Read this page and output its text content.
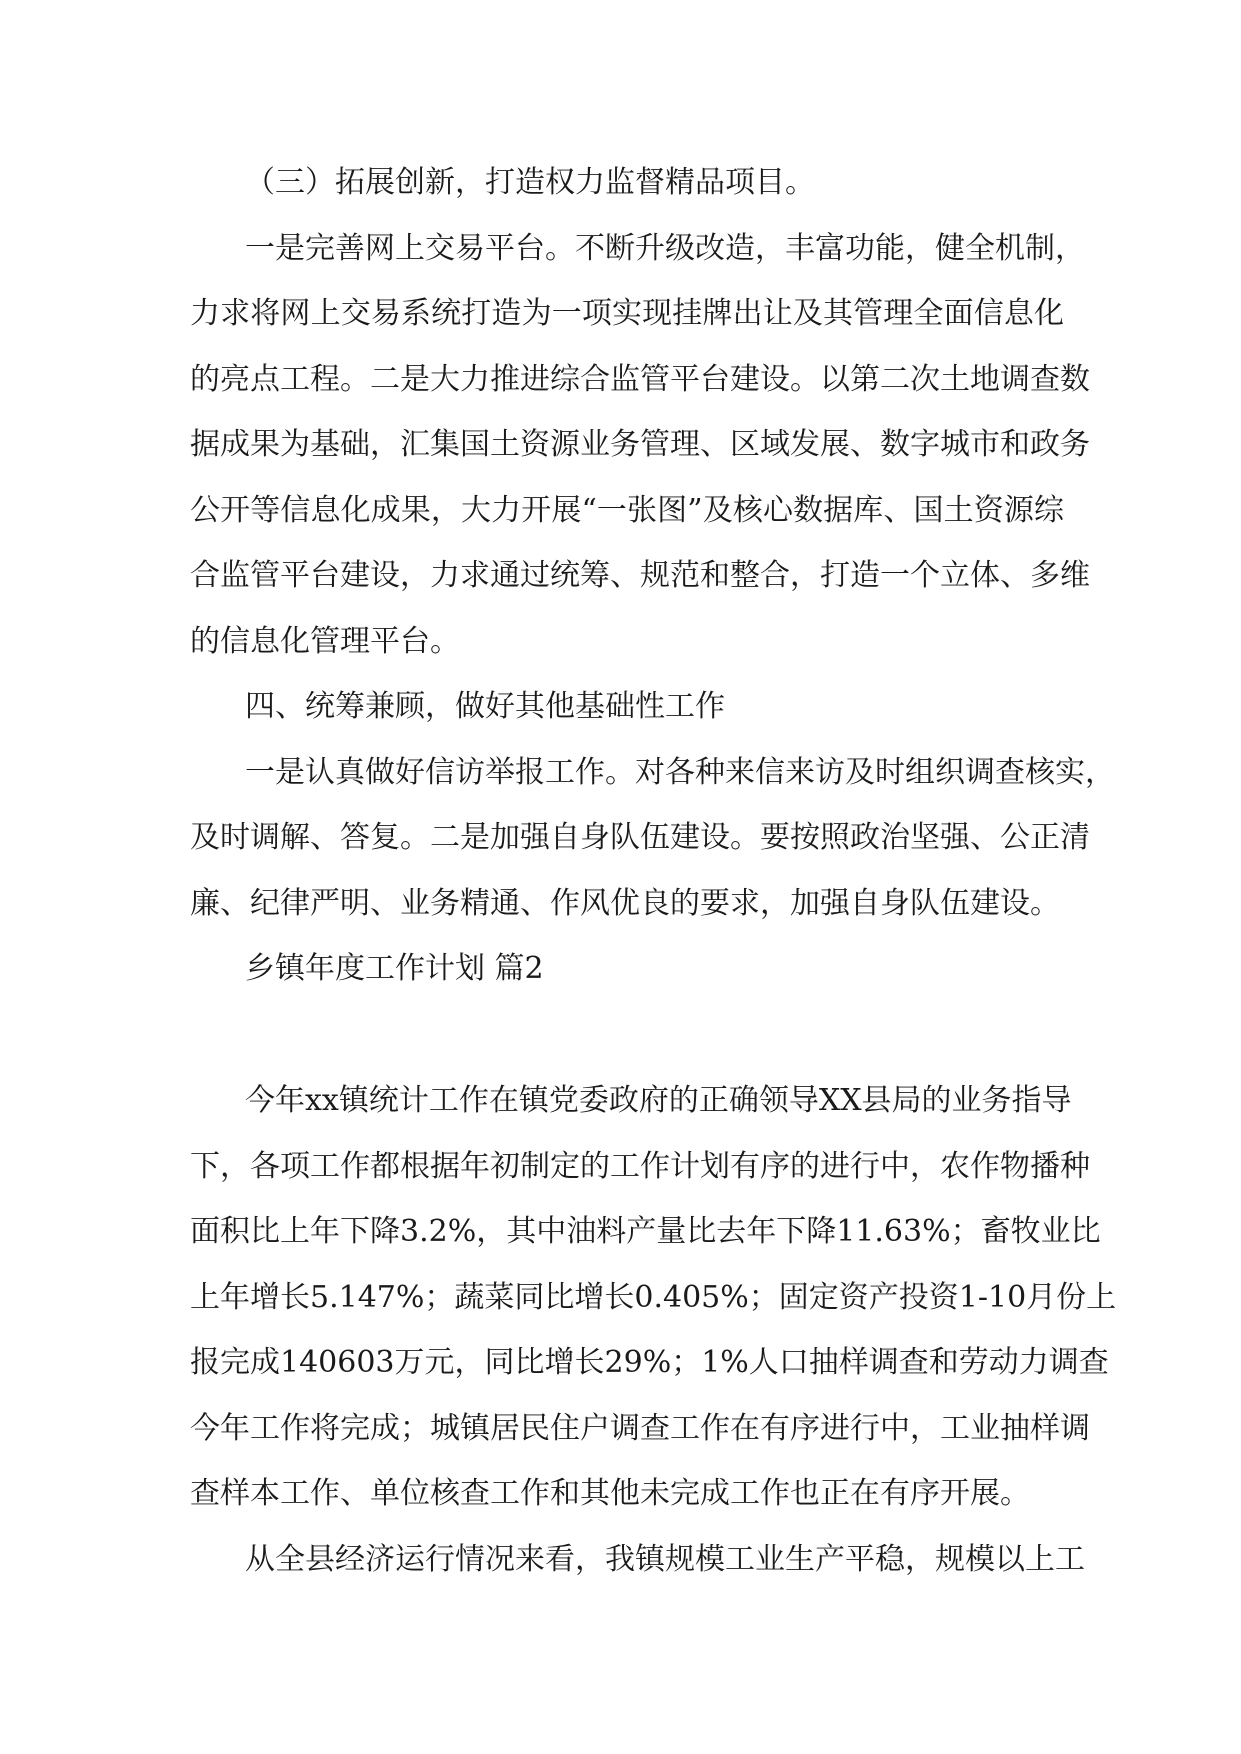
（三）拓展创新，打造权力监督精品项目。
一是完善网上交易平台。不断升级改造，丰富功能，健全机制，
力求将网上交易系统打造为一项实现挂牌出让及其管理全面信息化
的亮点工程。二是大力推进综合监管平台建设。以第二次土地调查数
据成果为基础，汇集国土资源业务管理、区域发展、数字城市和政务
公开等信息化成果，大力开展“一张图”及核心数据库、国土资源综
合监管平台建设，力求通过统筹、规范和整合，打造一个立体、多维
的信息化管理平台。
四、统筹兼顾，做好其他基础性工作
一是认真做好信访举报工作。对各种来信来访及时组织调查核实，
及时调解、答复。二是加强自身队伍建设。要按照政治坚强、公正清
廉、纪律严明、业务精通、作风优良的要求，加强自身队伍建设。
乡镇年度工作计划 篇2
今年xx镇统计工作在镇党委政府的正确领导XX县局的业务指导
下，各项工作都根据年初制定的工作计划有序的进行中，农作物播种
面积比上年下降3.2%，其中油料产量比去年下降11.63%；畜牧业比
上年增长5.147%；蔬菜同比增长0.405%；固定资产投资1-10月份上
报完成140603万元，同比增长29%；1%人口抽样调查和劳动力调查
今年工作将完成；城镇居民住户调查工作在有序进行中，工业抽样调
查样本工作、单位核查工作和其他未完成工作也正在有序开展。
从全县经济运行情况来看，我镇规模工业生产平稳，规模以上工
